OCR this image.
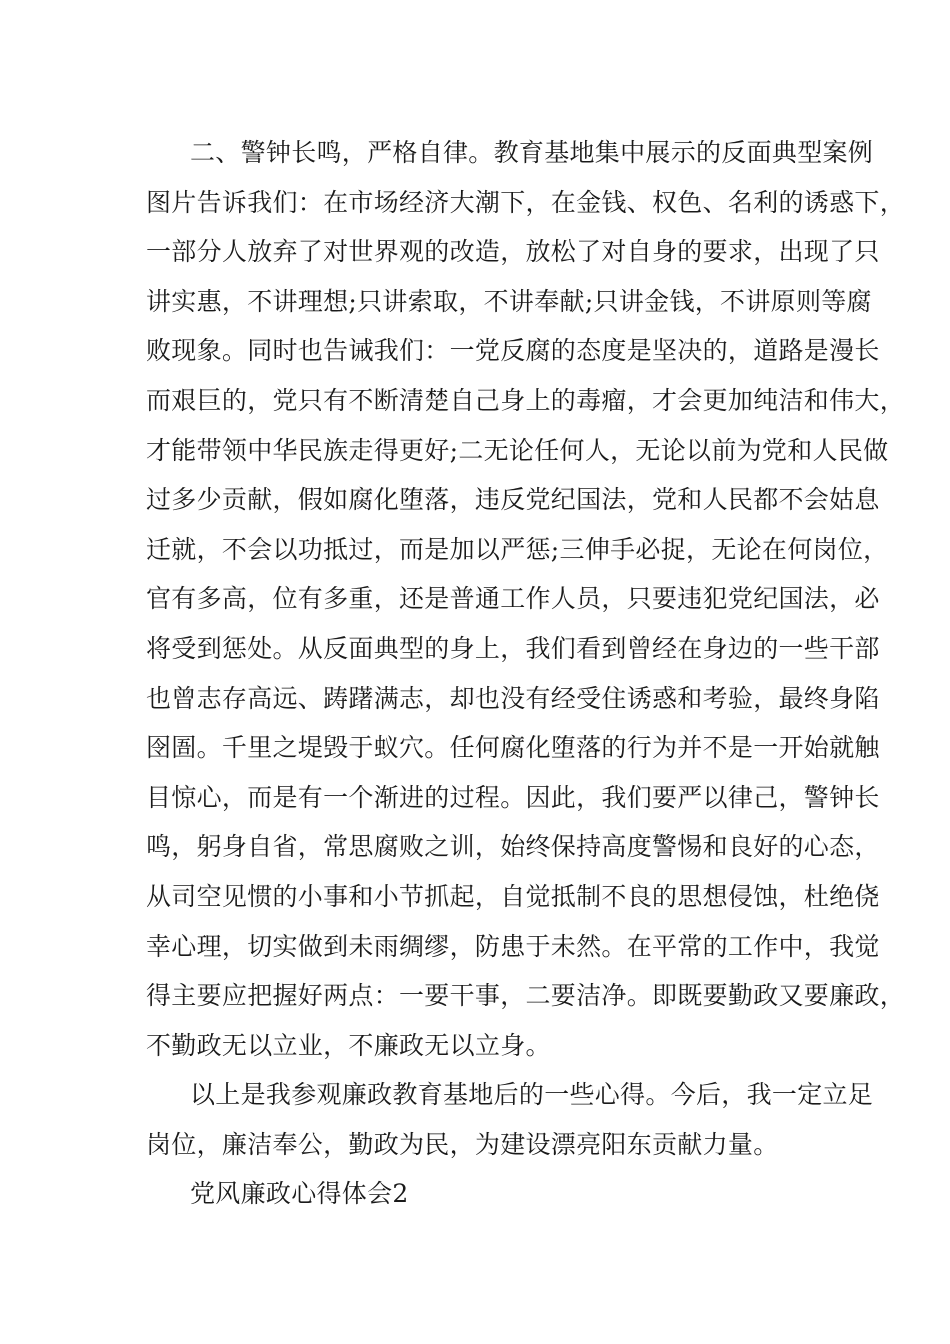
二、警钟长鸣，严格自律。教育基地集中展示的反面典型案例
图片告诉我们：在市场经济大潮下，在金钱、权色、名利的诱惑下，
一部分人放弃了对世界观的改造，放松了对自身的要求，出现了只
讲实惠，不讲理想;只讲索取，不讲奉献;只讲金钱，不讲原则等腐
败现象。同时也告诫我们：一党反腐的态度是坚决的，道路是漫长
而艰巨的，党只有不断清楚自己身上的毒瘤，才会更加纯洁和伟大，
才能带领中华民族走得更好;二无论任何人，无论以前为党和人民做
过多少贡献，假如腐化堕落，违反党纪国法，党和人民都不会姑息
迁就，不会以功抵过，而是加以严惩;三伸手必捉，无论在何岗位，
官有多高，位有多重，还是普通工作人员，只要违犯党纪国法，必
将受到惩处。从反面典型的身上，我们看到曾经在身边的一些干部
也曾志存高远、踌躇满志，却也没有经受住诱惑和考验，最终身陷
囹圄。千里之堤毁于蚁穴。任何腐化堕落的行为并不是一开始就触
目惊心，而是有一个渐进的过程。因此，我们要严以律己，警钟长
鸣，躬身自省，常思腐败之训，始终保持高度警惕和良好的心态，
从司空见惯的小事和小节抓起，自觉抵制不良的思想侵蚀，杜绝侥
幸心理，切实做到未雨绸缪，防患于未然。在平常的工作中，我觉
得主要应把握好两点：一要干事，二要洁净。即既要勤政又要廉政，
不勤政无以立业，不廉政无以立身。
以上是我参观廉政教育基地后的一些心得。今后，我一定立足
岗位，廉洁奉公，勤政为民，为建设漂亮阳东贡献力量。
党风廉政心得体会2
